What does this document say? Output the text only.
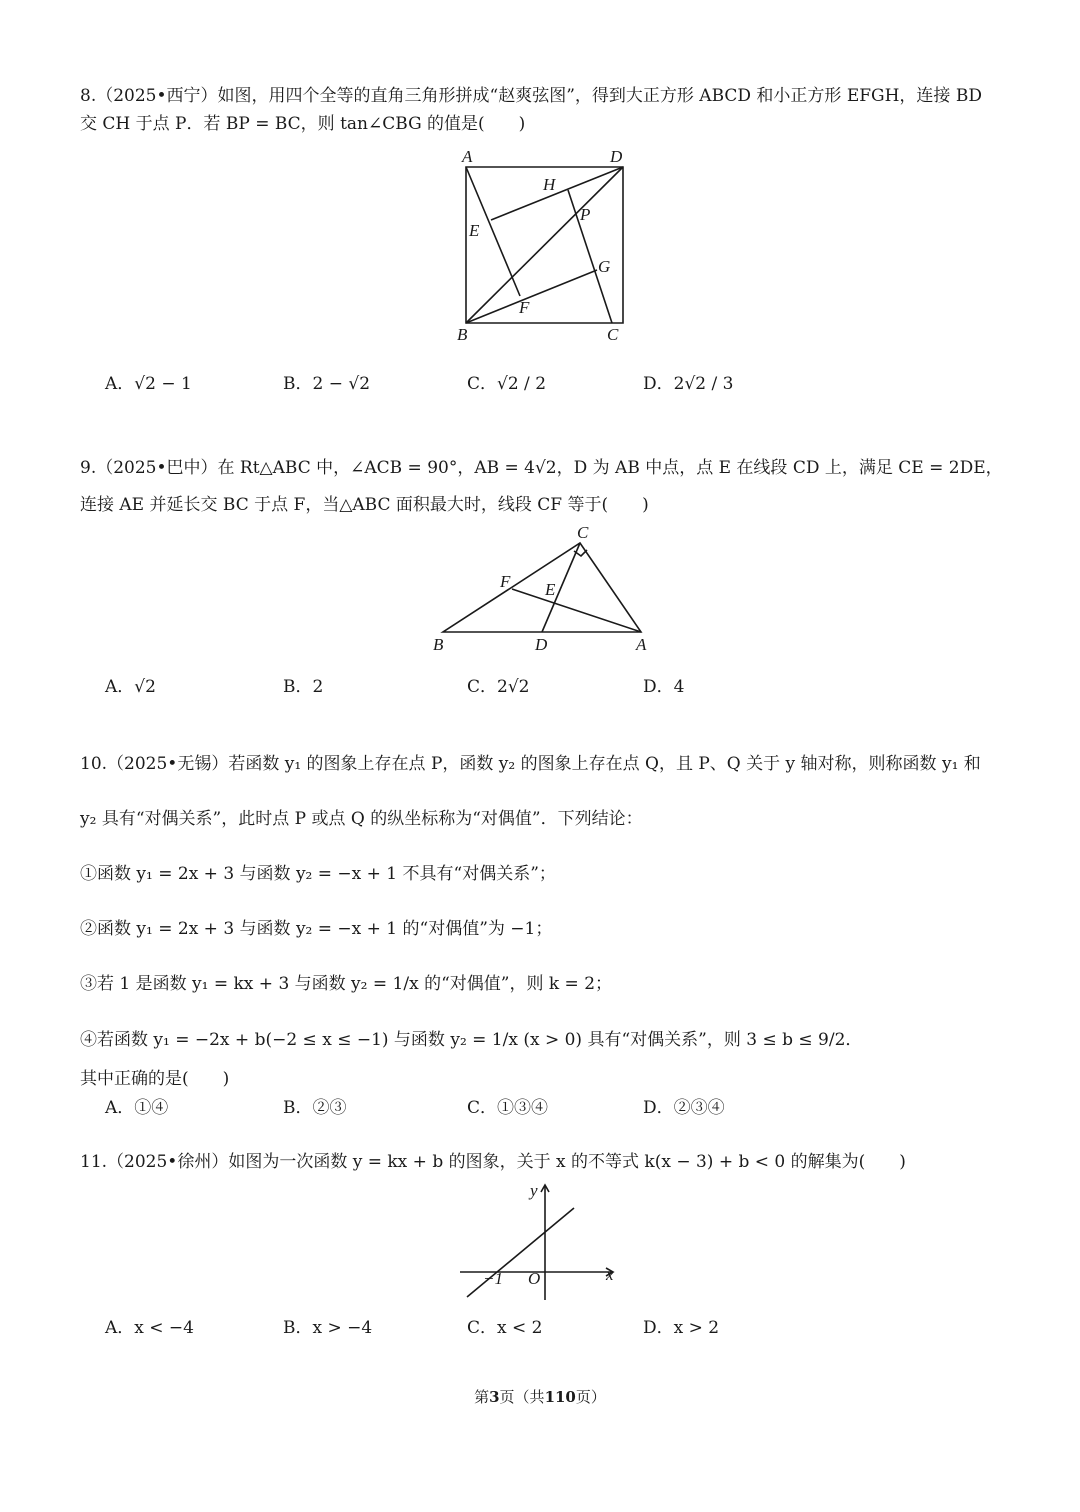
8.（2025•西宁）如图，用四个全等的直角三角形拼成“赵爽弦图”，得到大正方形 ABCD 和小正方形 EFGH，连接 BD
交 CH 于点 P．若 BP = BC，则 tan∠CBG 的值是(　　)
A	D
H
P
E
G
F
B	C
A．√2 − 1	B．2 − √2	C．√2 / 2	D．2√2 / 3
9.（2025•巴中）在 Rt△ABC 中，∠ACB = 90°，AB = 4√2，D 为 AB 中点，点 E 在线段 CD 上，满足 CE = 2DE，
连接 AE 并延长交 BC 于点 F，当△ABC 面积最大时，线段 CF 等于(　　)
C
F E
B	D	A
A．√2	B．2	C．2√2	D．4
10.（2025•无锡）若函数 y₁ 的图象上存在点 P，函数 y₂ 的图象上存在点 Q，且 P、Q 关于 y 轴对称，则称函数 y₁ 和
y₂ 具有“对偶关系”，此时点 P 或点 Q 的纵坐标称为“对偶值”．下列结论：
①函数 y₁ = 2x + 3 与函数 y₂ = −x + 1 不具有“对偶关系”；
②函数 y₁ = 2x + 3 与函数 y₂ = −x + 1 的“对偶值”为 −1；
③若 1 是函数 y₁ = kx + 3 与函数 y₂ = 1/x 的“对偶值”，则 k = 2；
④若函数 y₁ = −2x + b(−2 ≤ x ≤ −1) 与函数 y₂ = 1/x (x > 0) 具有“对偶关系”，则 3 ≤ b ≤ 9/2．
其中正确的是(　　)
A．①④	B．②③	C．①③④	D．②③④
11.（2025•徐州）如图为一次函数 y = kx + b 的图象，关于 x 的不等式 k(x − 3) + b < 0 的解集为(　　)
y
x
O
−1
A．x < −4	B．x > −4	C．x < 2	D．x > 2
第3页（共110页）
